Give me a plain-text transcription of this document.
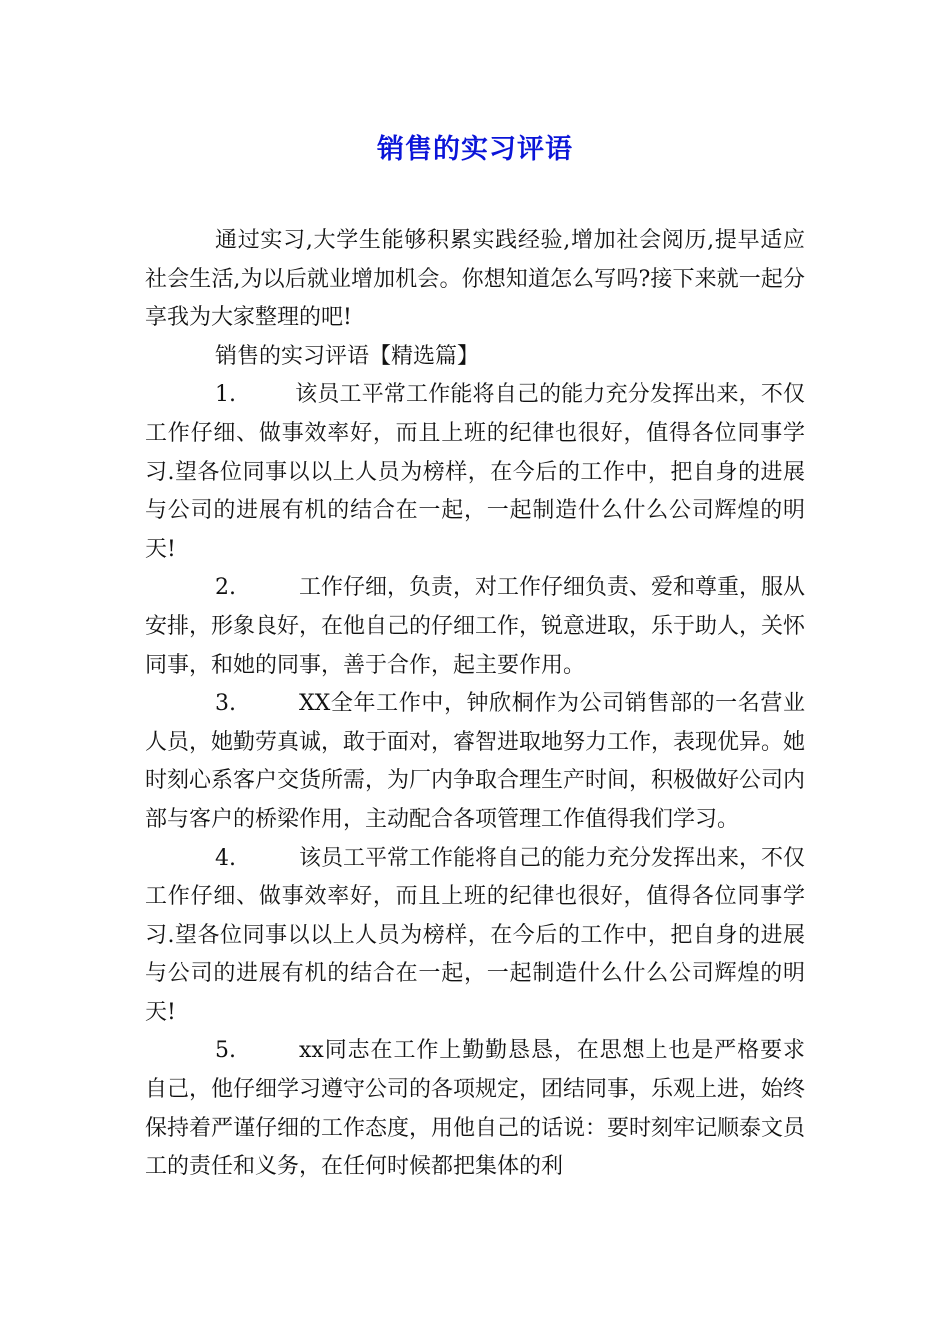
销售的实习评语

通过实习,大学生能够积累实践经验,增加社会阅历,提早适应社会生活,为以后就业增加机会。你想知道怎么写吗?接下来就一起分享我为大家整理的吧!

销售的实习评语【精选篇】

1.	该员工平常工作能将自己的能力充分发挥出来，不仅工作仔细、做事效率好，而且上班的纪律也很好，值得各位同事学习.望各位同事以以上人员为榜样，在今后的工作中，把自身的进展与公司的进展有机的结合在一起，一起制造什么什么公司辉煌的明天!

2.	工作仔细，负责，对工作仔细负责、爱和尊重，服从安排，形象良好，在他自己的仔细工作，锐意进取，乐于助人，关怀同事，和她的同事，善于合作，起主要作用。

3.	XX全年工作中，钟欣桐作为公司销售部的一名营业人员，她勤劳真诚，敢于面对，睿智进取地努力工作，表现优异。她时刻心系客户交货所需，为厂内争取合理生产时间，积极做好公司内部与客户的桥梁作用，主动配合各项管理工作值得我们学习。

4.	该员工平常工作能将自己的能力充分发挥出来，不仅工作仔细、做事效率好，而且上班的纪律也很好，值得各位同事学习.望各位同事以以上人员为榜样，在今后的工作中，把自身的进展与公司的进展有机的结合在一起，一起制造什么什么公司辉煌的明天!

5.	xx同志在工作上勤勤恳恳，在思想上也是严格要求自己，他仔细学习遵守公司的各项规定，团结同事，乐观上进，始终保持着严谨仔细的工作态度，用他自己的话说：要时刻牢记顺泰文员工的责任和义务，在任何时候都把集体的利
